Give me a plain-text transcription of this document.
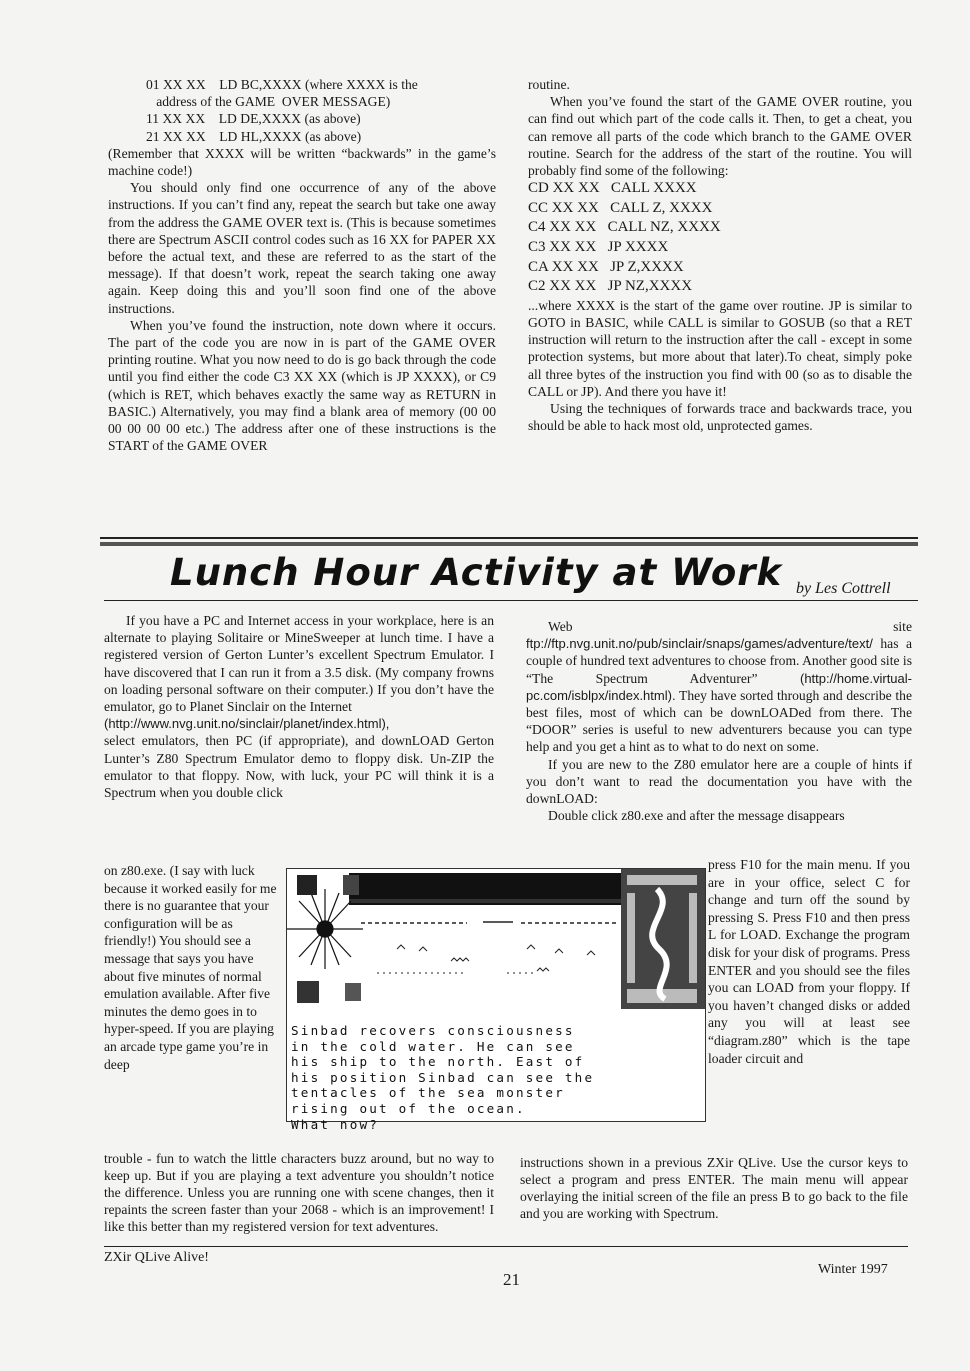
01 XX XX    LD BC,XXXX (where XXXX is the
address of the GAME  OVER MESSAGE)
11 XX XX    LD DE,XXXX (as above)
21 XX XX    LD HL,XXXX (as above)

(Remember that XXXX will be written “backwards” in the game’s machine code!)

You should only find one occurrence of any of the above instructions. If you can’t find any, repeat the search but take one away from the address the GAME OVER text is. (This is because sometimes there are Spectrum ASCII control codes such as 16 XX for PAPER XX before the actual text, and these are referred to as the start of the message). If that doesn’t work, repeat the search taking one away again. Keep doing this and you’ll soon find one of the above instructions.

When you’ve found the instruction, note down where it occurs. The part of the code you are now in is part of the GAME OVER printing routine. What you now need to do is go back through the code until you find either the code C3 XX XX (which is JP XXXX), or C9 (which is RET, which behaves exactly the same way as RETURN in BASIC.) Alternatively, you may find a blank area of memory (00 00 00 00 00 00 etc.) The address after one of these instructions is the START of the GAME OVER

routine.

When you’ve found the start of the GAME OVER routine, you can find out which part of the code calls it. Then, to get a cheat, you can remove all parts of the code which branch to the GAME OVER routine. Search for the address of the start of the routine. You will probably find some of the following:

CD XX XX   CALL XXXX
CC XX XX   CALL Z, XXXX
C4 XX XX   CALL NZ, XXXX
C3 XX XX   JP XXXX
CA XX XX   JP Z,XXXX
C2 XX XX   JP NZ,XXXX

...where XXXX is the start of the game over routine. JP is similar to GOTO in BASIC, while CALL is similar to GOSUB (so that a RET instruction will return to the instruction after the call - except in some protection systems, but more about that later).To cheat, simply poke all three bytes of the instruction you find with 00 (so as to disable the CALL or JP). And there you have it!

Using the techniques of forwards trace and backwards trace, you should be able to hack most old, unprotected games.

Lunch Hour Activity at Work by Les Cottrell

If you have a PC and Internet access in your workplace, here is an alternate to playing Solitaire or MineSweeper at lunch time. I have a registered version of Gerton Lunter’s excellent Spectrum Emulator. I have discovered that I can run it from a 3.5 disk. (My company frowns on loading personal software on their computer.) If you don’t have the emulator, go to Planet Sinclair on the Internet

(http://www.nvg.unit.no/sinclair/planet/index.html),

select emulators, then PC (if appropriate), and downLOAD Gerton Lunter’s Z80 Spectrum Emulator demo to floppy disk. Un-ZIP the emulator to that floppy. Now, with luck, your PC will think it is a Spectrum when you double click

on z80.exe. (I say with luck because it worked easily for me there is no guarantee that your configuration will be as friendly!) You should see a message that says you have about five minutes of normal emulation available. After five minutes the demo goes in to hyper-speed. If you are playing an arcade type game you’re in deep

trouble - fun to watch the little characters buzz around, but no way to keep up. But if you are playing a text adventure you shouldn’t notice the difference. Unless you are running one with scene changes, then it repaints the screen faster than your 2068 - which is an improvement! I like this better than my registered version for text adventures.

Web site ftp://ftp.nvg.unit.no/pub/sinclair/snaps/games/adventure/text/ has a couple of hundred text adventures to choose from. Another good site is “The Spectrum Adventurer”	(http://home.virtual-pc.com/isblpx/index.html). They have sorted through and describe the best files, most of which can be downLOADed from there. The “DOOR” series is useful to new adventurers because you can type help and you get a hint as to what to do next on some.

If you are new to the Z80 emulator here are a couple of hints if you don’t want to read the documentation you have with the downLOAD:

Double click z80.exe and after the message disappears

press F10 for the main menu. If you are in your office, select C for change and turn off the sound by pressing S. Press F10 and then press L for LOAD. Exchange the program disk for your disk of programs. Press ENTER and you should see the files you can LOAD from your floppy. If you haven’t changed disks or added any you will at least see “diagram.z80” which is the tape loader circuit and

instructions shown in a previous ZXir QLive. Use the cursor keys to select a program and press ENTER. The main menu will appear overlaying the initial screen of the file an press B to go back to the file and you are working with Spectrum.

Sinbad recovers consciousness
in the cold water. He can see
his ship to the north. East of
his position Sinbad can see the
tentacles of the sea monster
rising out of the ocean.
What now?
ZXir QLive Alive!
21
Winter 1997
